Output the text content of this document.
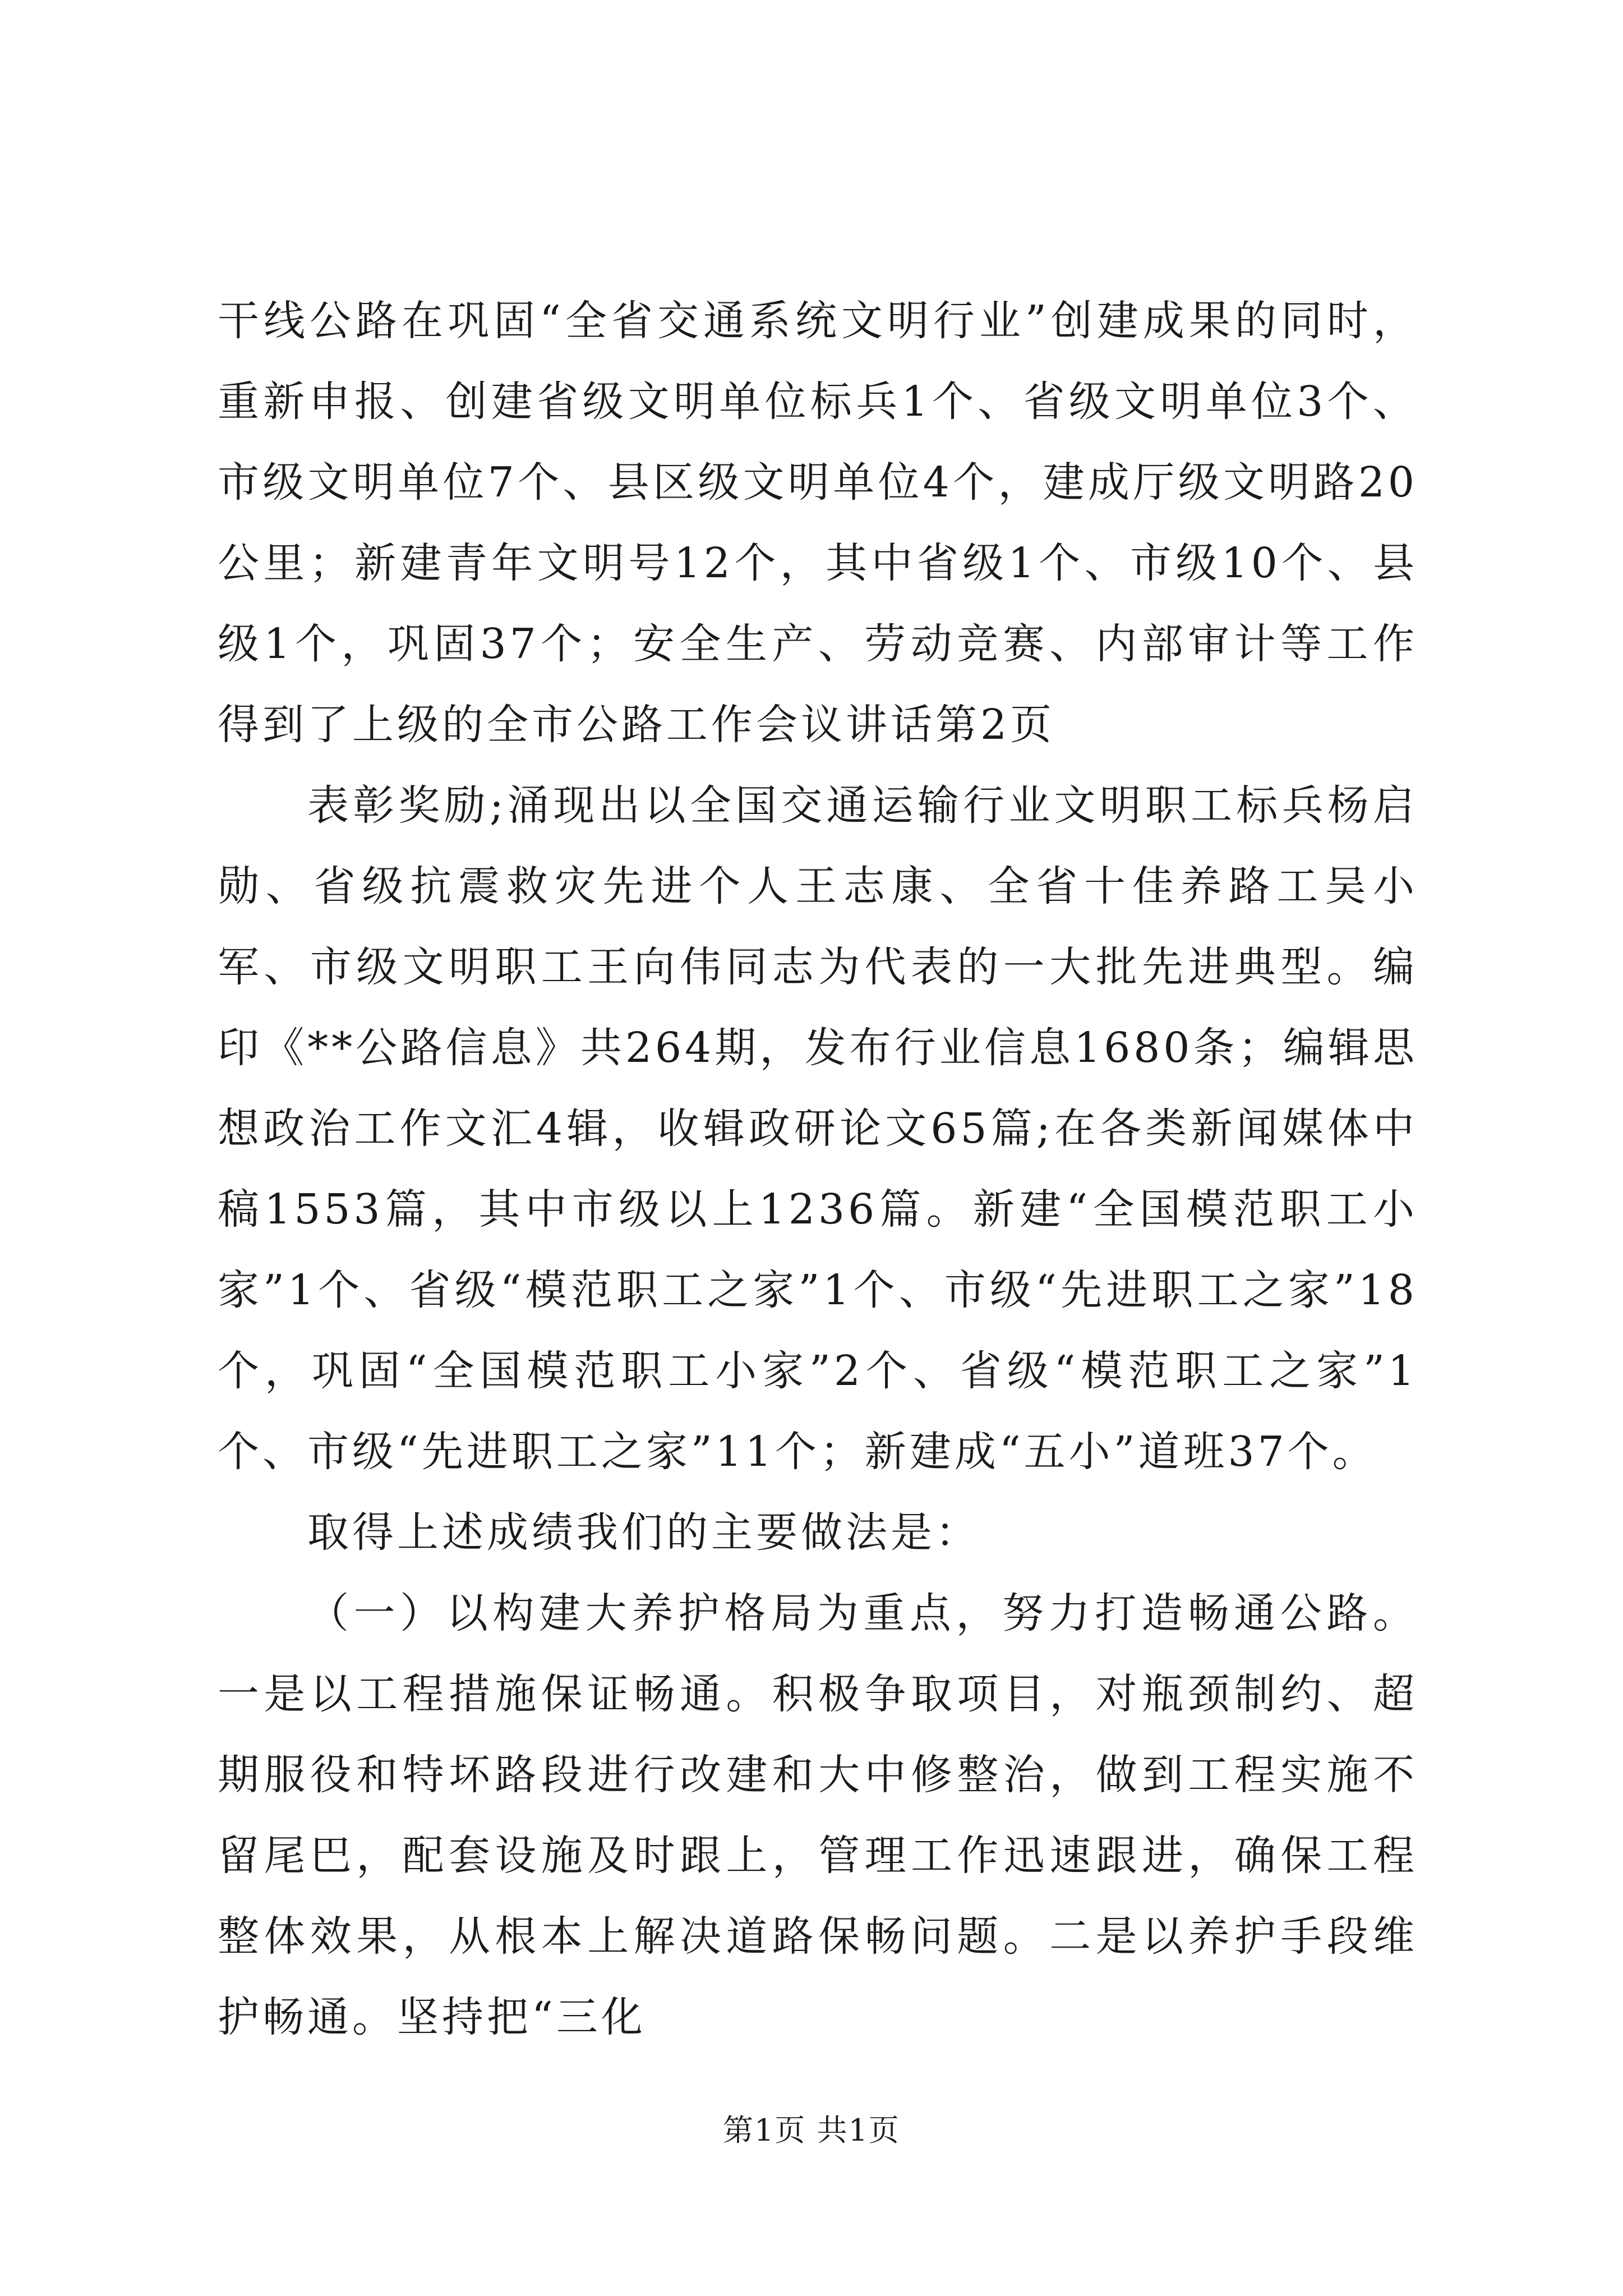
干线公路在巩固“全省交通系统文明行业”创建成果的同时，重新申报、创建省级文明单位标兵1个、省级文明单位3个、市级文明单位7个、县区级文明单位4个，建成厅级文明路20公里；新建青年文明号12个，其中省级1个、市级10个、县级1个，巩固37个；安全生产、劳动竞赛、内部审计等工作得到了上级的全市公路工作会议讲话第2页

表彰奖励;涌现出以全国交通运输行业文明职工标兵杨启勋、省级抗震救灾先进个人王志康、全省十佳养路工吴小军、市级文明职工王向伟同志为代表的一大批先进典型。编印《**公路信息》共264期，发布行业信息1680条；编辑思想政治工作文汇4辑，收辑政研论文65篇;在各类新闻媒体中稿1553篇，其中市级以上1236篇。新建“全国模范职工小家”1个、省级“模范职工之家”1个、市级“先进职工之家”18个，巩固“全国模范职工小家”2个、省级“模范职工之家”1个、市级“先进职工之家”11个；新建成“五小”道班37个。

取得上述成绩我们的主要做法是：

（一）以构建大养护格局为重点，努力打造畅通公路。一是以工程措施保证畅通。积极争取项目，对瓶颈制约、超期服役和特坏路段进行改建和大中修整治，做到工程实施不留尾巴，配套设施及时跟上，管理工作迅速跟进，确保工程整体效果，从根本上解决道路保畅问题。二是以养护手段维护畅通。坚持把“三化

第1页 共1页
